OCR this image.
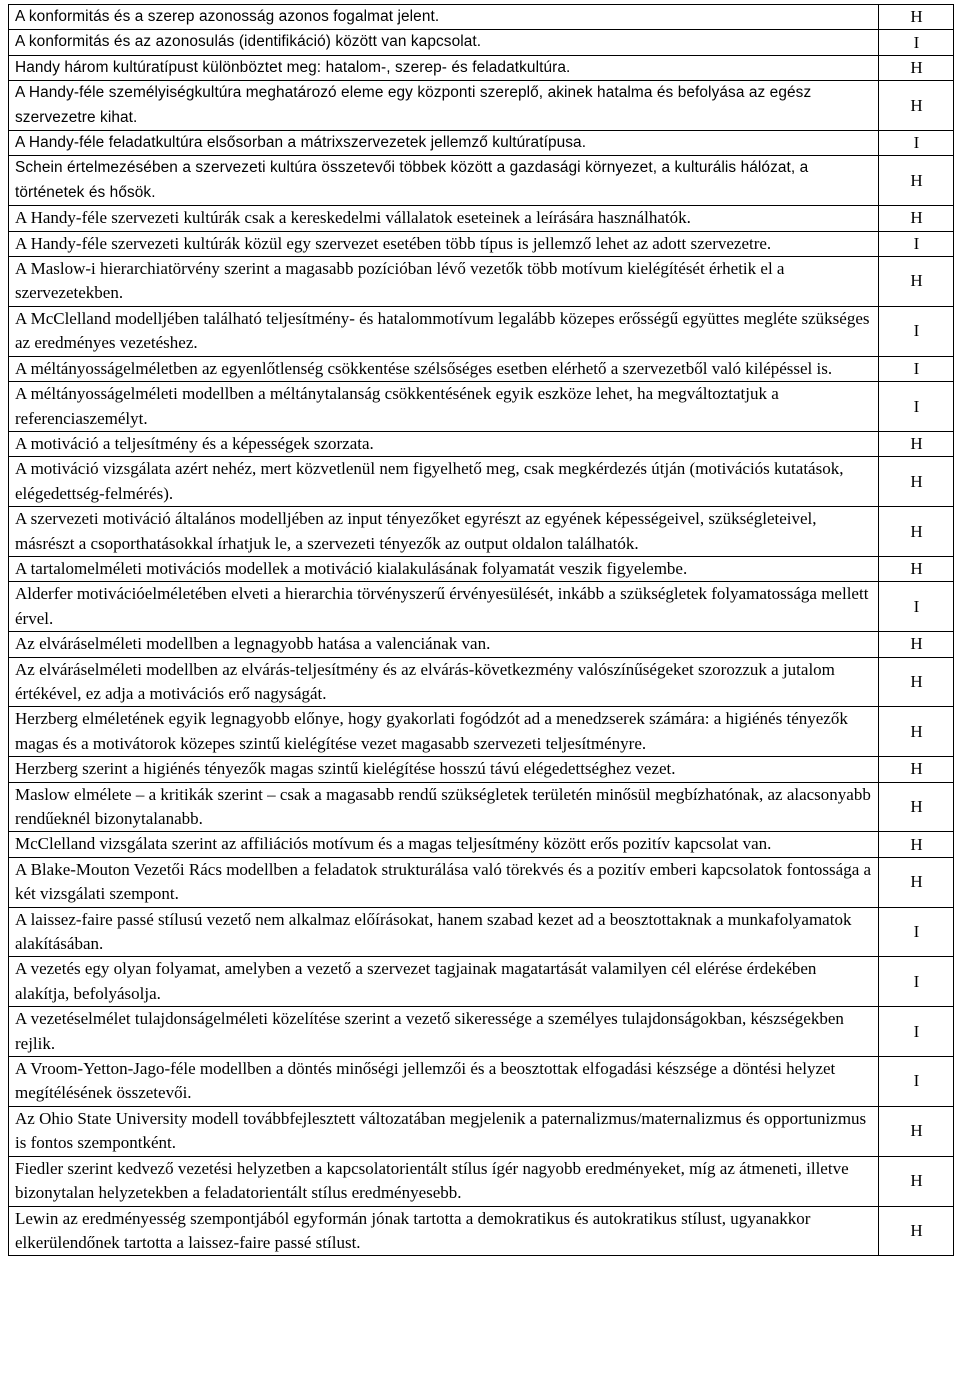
A konformitás és a szerep azonosság azonos fogalmat jelent.	H
A konformitás és az azonosulás (identifikáció) között van kapcsolat.	I
Handy három kultúratípust különböztet meg: hatalom-, szerep- és feladatkultúra.	H
A Handy-féle személyiségkultúra meghatározó eleme egy központi szereplő, akinek hatalma és befolyása az egész szervezetre kihat.	H
A Handy-féle feladatkultúra elsősorban a mátrixszervezetek jellemző kultúratípusa.	I
Schein értelmezésében a szervezeti kultúra összetevői többek között a gazdasági környezet, a kulturális hálózat, a történetek és hősök.	H
A Handy-féle szervezeti kultúrák csak a kereskedelmi vállalatok eseteinek a leírására használhatók.	H
A Handy-féle szervezeti kultúrák közül egy szervezet esetében több típus is jellemző lehet az adott szervezetre.	I
A Maslow-i hierarchiatörvény szerint a magasabb pozícióban lévő vezetők több motívum kielégítését érhetik el a szervezetekben.	H
A McClelland modelljében található teljesítmény- és hatalommotívum legalább közepes erősségű együttes megléte szükséges az eredményes vezetéshez.	I
A méltányosságelméletben az egyenlőtlenség csökkentése szélsőséges esetben elérhető a szervezetből való kilépéssel is.	I
A méltányosságelméleti modellben a méltánytalanság csökkentésének egyik eszköze lehet, ha megváltoztatjuk a referenciaszemélyt.	I
A motiváció a teljesítmény és a képességek szorzata.	H
A motiváció vizsgálata azért nehéz, mert közvetlenül nem figyelhető meg, csak megkérdezés útján (motivációs kutatások, elégedettség-felmérés).	H
A szervezeti motiváció általános modelljében az input tényezőket egyrészt az egyének képességeivel, szükségleteivel, másrészt a csoporthatásokkal írhatjuk le, a szervezeti tényezők az output oldalon találhatók.	H
A tartalomelméleti motivációs modellek a motiváció kialakulásának folyamatát veszik figyelembe.	H
Alderfer motivációelméletében elveti a hierarchia törvényszerű érvényesülését, inkább a szükségletek folyamatossága mellett érvel.	I
Az elváráselméleti modellben a legnagyobb hatása a valenciának van.	H
Az elváráselméleti modellben az elvárás-teljesítmény és az elvárás-következmény valószínűségeket szorozzuk a jutalom értékével, ez adja a motivációs erő nagyságát.	H
Herzberg elméletének egyik legnagyobb előnye, hogy gyakorlati fogódzót ad a menedzserek számára: a higiénés tényezők magas és a motivátorok közepes szintű kielégítése vezet magasabb szervezeti teljesítményre.	H
Herzberg szerint a higiénés tényezők magas szintű kielégítése hosszú távú elégedettséghez vezet.	H
Maslow elmélete – a kritikák szerint – csak a magasabb rendű szükségletek területén minősül megbízhatónak, az alacsonyabb rendűeknél bizonytalanabb.	H
McClelland vizsgálata szerint az affiliációs motívum és a magas teljesítmény között erős pozitív kapcsolat van.	H
A Blake-Mouton Vezetői Rács modellben a feladatok strukturálása való törekvés és a pozitív emberi kapcsolatok fontossága a két vizsgálati szempont.	H
A laissez-faire passé stílusú vezető nem alkalmaz előírásokat, hanem szabad kezet ad a beosztottaknak a munkafolyamatok alakításában.	I
A vezetés egy olyan folyamat, amelyben a vezető a szervezet tagjainak magatartását valamilyen cél elérése érdekében alakítja, befolyásolja.	I
A vezetéselmélet tulajdonságelméleti közelítése szerint a vezető sikeressége a személyes tulajdonságokban, készségekben rejlik.	I
A Vroom-Yetton-Jago-féle modellben a döntés minőségi jellemzői és a beosztottak elfogadási készsége a döntési helyzet megítélésének összetevői.	I
Az Ohio State University modell továbbfejlesztett változatában megjelenik a paternalizmus/maternalizmus és opportunizmus is fontos szempontként.	H
Fiedler szerint kedvező vezetési helyzetben a kapcsolatorientált stílus ígér nagyobb eredményeket, míg az átmeneti, illetve bizonytalan helyzetekben a feladatorientált stílus eredményesebb.	H
Lewin az eredményesség szempontjából egyformán jónak tartotta a demokratikus és autokratikus stílust, ugyanakkor elkerülendőnek tartotta a laissez-faire passé stílust.	H
